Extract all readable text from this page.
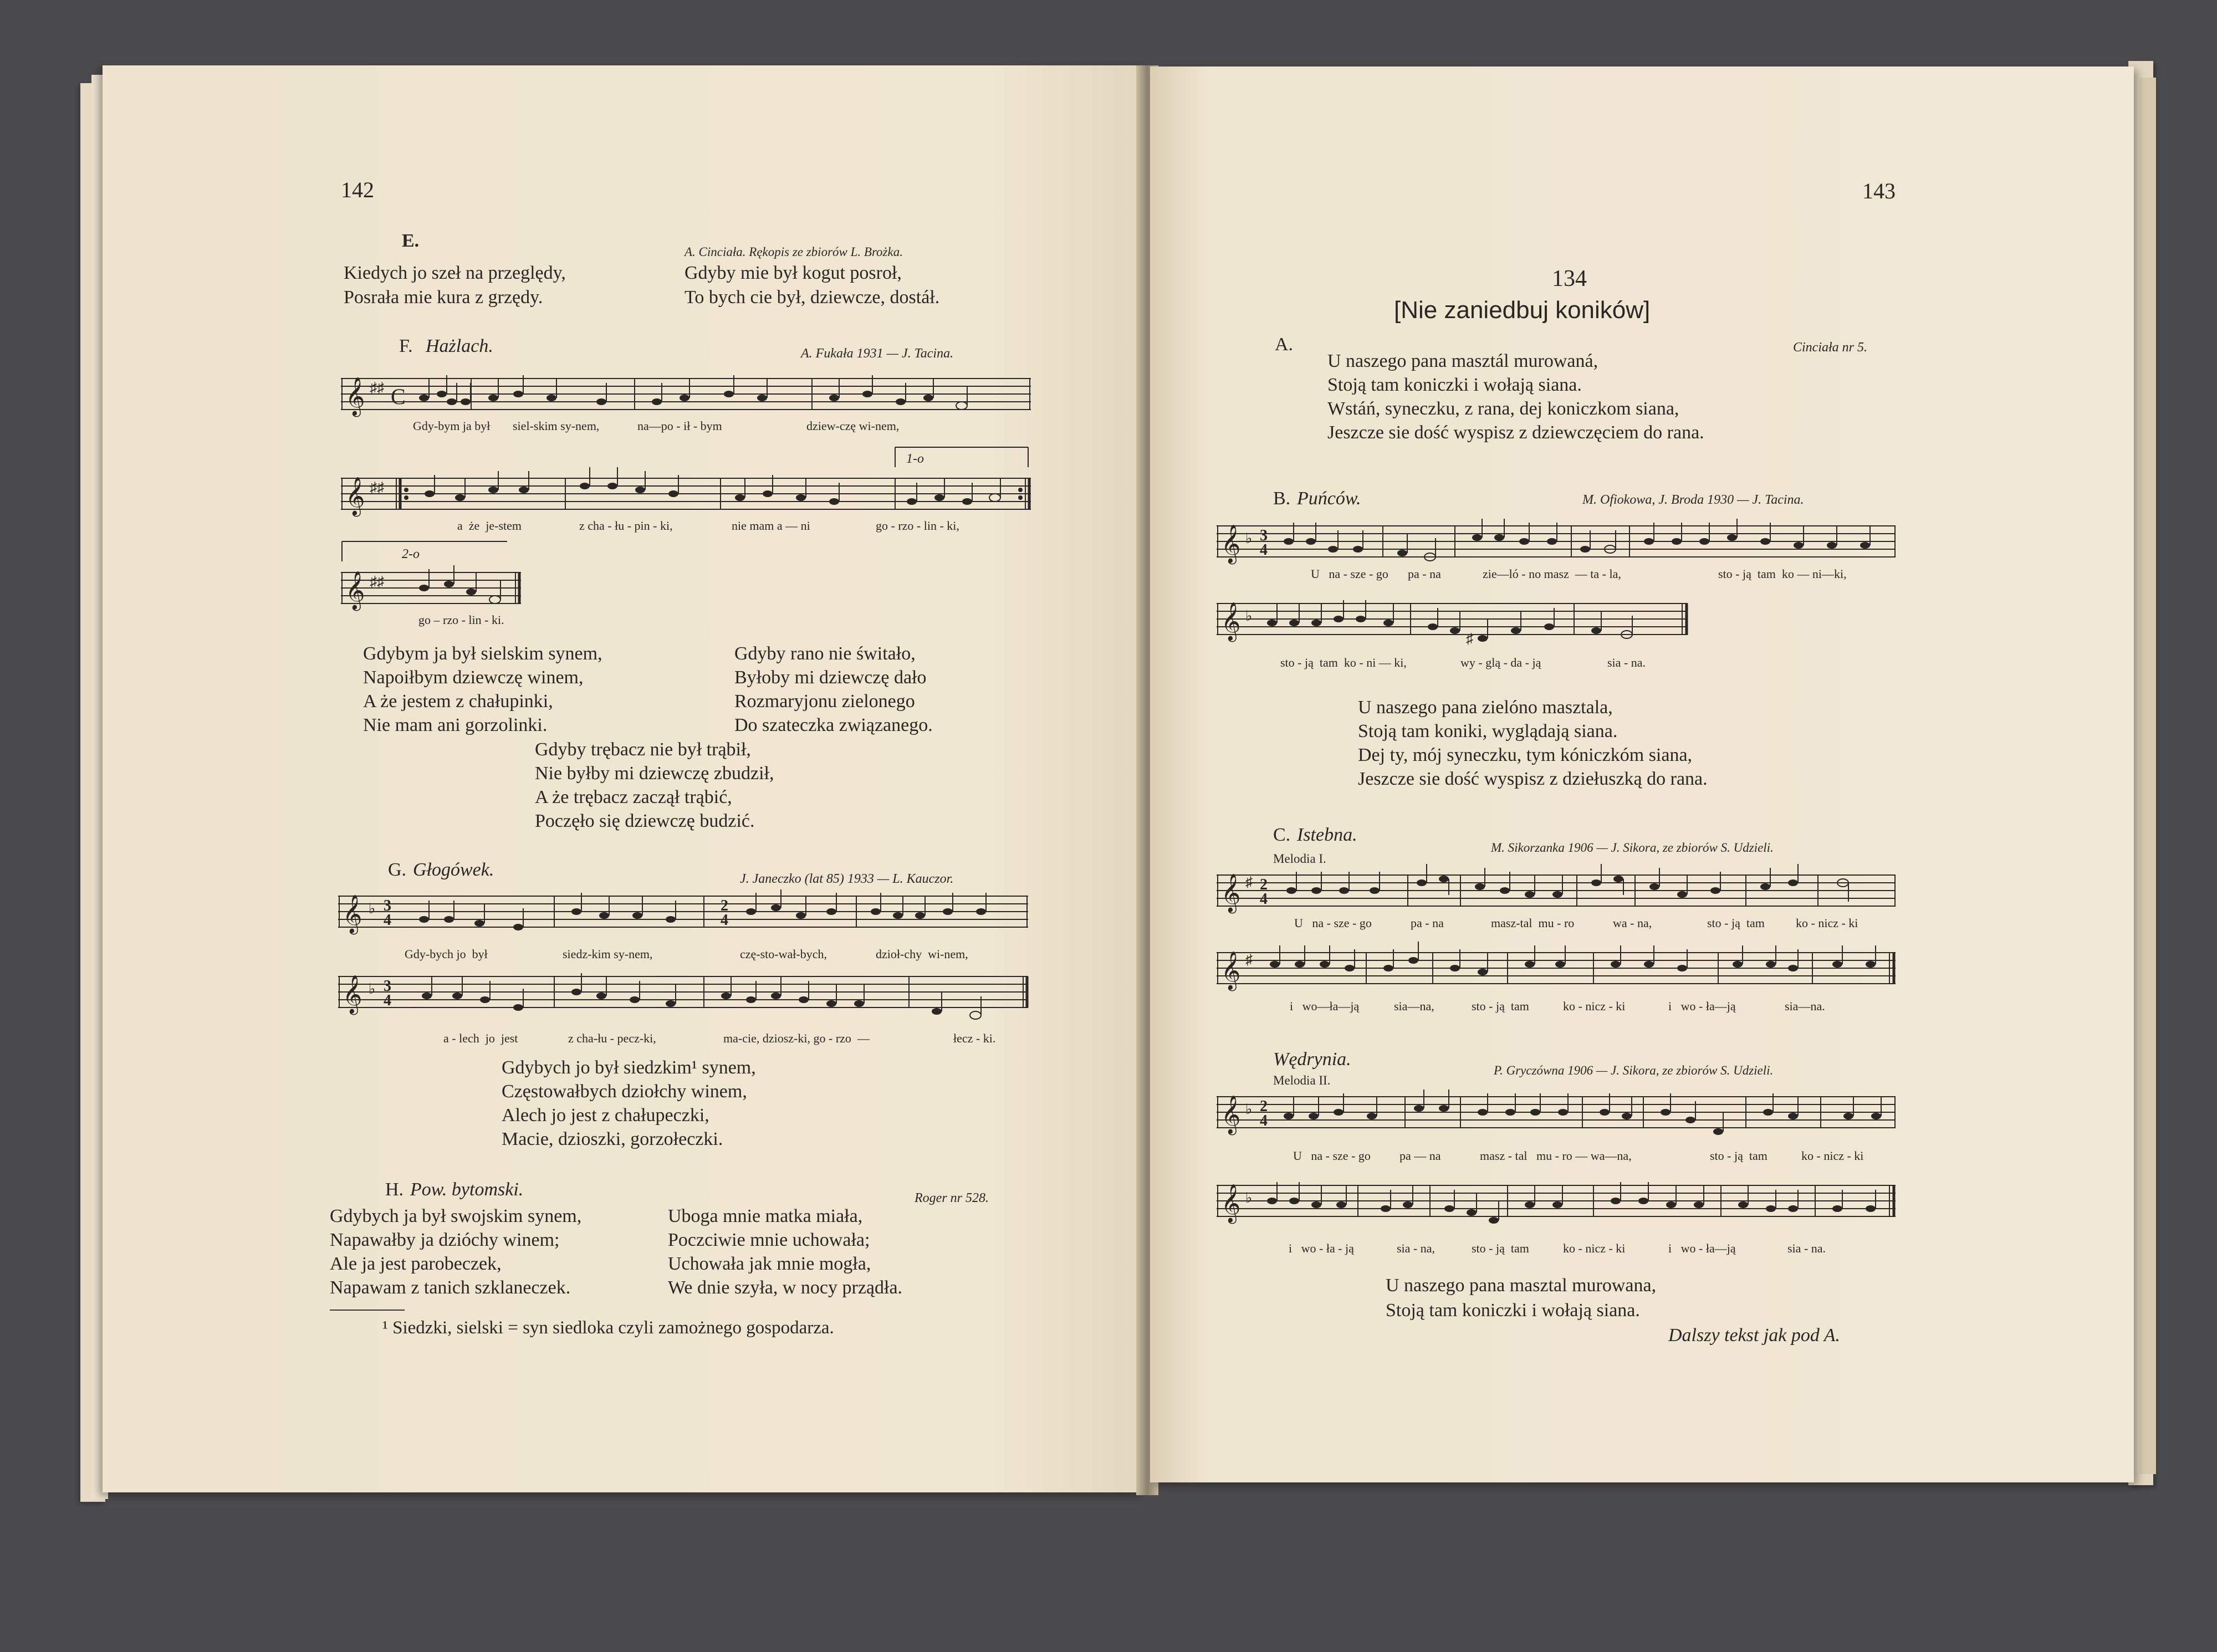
142
E.
A. Cinciała. Rękopis ze zbiorów L. Brożka.
Kiedych jo szeł na przeględy,
Posrała mie kura z grzędy.
Gdyby mie był kogut posroł,
To bych cie był, dziewcze, dostáł.
F. Hażlach.	A. Fukała 1931 — J. Tacina.
𝄞 ♯♯ C
Gdy-bym ja był siel-skim sy-nem,	na—po - ił - bym	dziew-czę wi-nem,
𝄞 ♯♯
1-o
a  że  je-stem	z cha - łu - pin - ki,	nie mam a — ni	go - rzo - lin - ki,
𝄞 ♯♯
2-o
go – rzo - lin - ki.
Gdybym ja był sielskim synem,
Napoiłbym dziewczę winem,
A że jestem z chałupinki,
Nie mam ani gorzolinki.
Gdyby rano nie świtało,
Byłoby mi dziewczę dało
Rozmaryjonu zielonego
Do szateczka związanego.
Gdyby trębacz nie był trąbił,
Nie byłby mi dziewczę zbudził,
A że trębacz zaczął trąbić,
Poczęło się dziewczę budzić.
G. Głogówek.	J. Janeczko (lat 85) 1933 — L. Kauczor.
𝄞 ♭ 3
4
2
4
Gdy-bych jo  był	siedz-kim sy-nem,	czę-sto-wał-bych,	dzioł-chy  wi-nem,
𝄞 ♭ 3
4
a - lech  jo  jest	z cha-łu - pecz-ki,	ma-cie, dziosz-ki, go - rzo  —	łecz - ki.
Gdybych jo był siedzkim¹ synem,
Częstowałbych dziołchy winem,
Alech jo jest z chałupeczki,
Macie, dzioszki, gorzołeczki.
H. Pow. bytomski.	Roger nr 528.
Gdybych ja był swojskim synem,
Napawałby ja dzióchy winem;
Ale ja jest parobeczek,
Napawam z tanich szklaneczek.
Uboga mnie matka miała,
Poczciwie mnie uchowała;
Uchowała jak mnie mogła,
We dnie szyła, w nocy prządła.
¹ Siedzki, sielski = syn siedloka czyli zamożnego gospodarza.
143
134
[Nie zaniedbuj koników]
A.	Cinciała nr 5.
U naszego pana masztál murowaná,
Stoją tam koniczki i wołają siana.
Wstáń, syneczku, z rana, dej koniczkom siana,
Jeszcze sie dość wyspisz z dziewczęciem do rana.
B. Puńców.	M. Ofiokowa, J. Broda 1930 — J. Tacina.
𝄞 ♭ 3
4
U   na - sze - go pa - na	zie—ló - no masz  — ta - la,	sto - ją  tam  ko — ni—ki,
𝄞 ♭
♯
sto - ją  tam  ko - ni — ki,	wy - glą - da - ją	sia - na.
U naszego pana zielóno masztala,
Stoją tam koniki, wyglądają siana.
Dej ty, mój syneczku, tym kóniczkóm siana,
Jeszcze sie dość wyspisz z dziełuszką do rana.
C. Istebna.
Melodia I.
M. Sikorzanka 1906 — J. Sikora, ze zbiorów S. Udzieli.
𝄞 ♯ 2
4
U   na - sze - go	pa - na	masz-tal  mu - ro	wa - na,	sto - ją  tam	ko - nicz - ki
𝄞 ♯
i   wo—ła—ją	sia—na,	sto - ją  tam	ko - nicz - ki	i   wo - ła—ją	sia—na.
Wędrynia.
Melodia II.
P. Gryczówna 1906 — J. Sikora, ze zbiorów S. Udzieli.
𝄞 ♭ 2
4
U   na - sze - go pa — na	masz - tal   mu - ro — wa—na,	sto - ją  tam	ko - nicz - ki
𝄞 ♭
i   wo - ła - ją	sia - na,	sto - ją  tam	ko - nicz - ki	i   wo - ła—ją	sia - na.
U naszego pana masztal murowana,
Stoją tam koniczki i wołają siana.
Dalszy tekst jak pod A.
